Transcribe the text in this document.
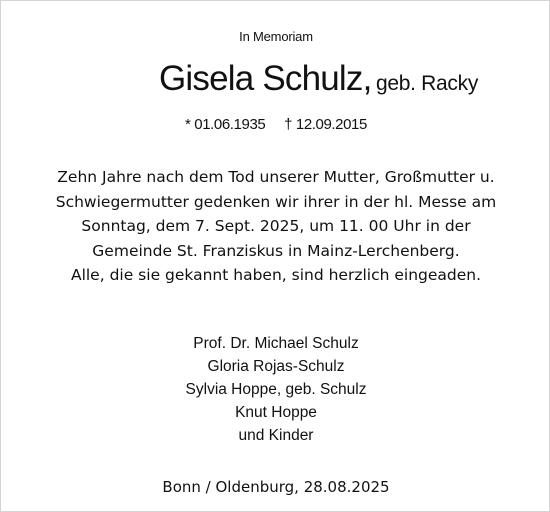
In Memoriam
Gisela Schulz, geb. Racky
* 01.06.1935     † 12.09.2015
Zehn Jahre nach dem Tod unserer Mutter, Großmutter u.
Schwiegermutter gedenken wir ihrer in der hl. Messe am
Sonntag, dem 7. Sept. 2025, um 11. 00 Uhr in der
Gemeinde St. Franziskus in Mainz-Lerchenberg.
Alle, die sie gekannt haben, sind herzlich eingeaden.
Prof. Dr. Michael Schulz
Gloria Rojas-Schulz
Sylvia Hoppe, geb. Schulz
Knut Hoppe
und Kinder
Bonn / Oldenburg, 28.08.2025
